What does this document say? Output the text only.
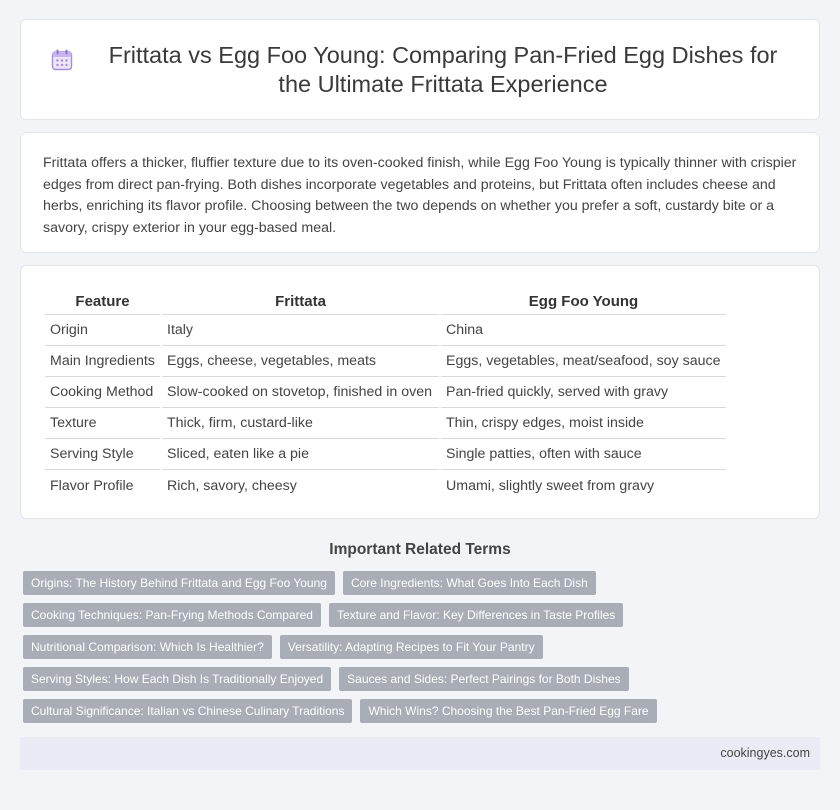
Frittata vs Egg Foo Young: Comparing Pan-Fried Egg Dishes for the Ultimate Frittata Experience

Frittata offers a thicker, fluffier texture due to its oven-cooked finish, while Egg Foo Young is typically thinner with crispier edges from direct pan-frying. Both dishes incorporate vegetables and proteins, but Frittata often includes cheese and herbs, enriching its flavor profile. Choosing between the two depends on whether you prefer a soft, custardy bite or a savory, crispy exterior in your egg-based meal.

Feature	Frittata	Egg Foo Young
Origin	Italy	China
Main Ingredients	Eggs, cheese, vegetables, meats	Eggs, vegetables, meat/seafood, soy sauce
Cooking Method	Slow-cooked on stovetop, finished in oven	Pan-fried quickly, served with gravy
Texture	Thick, firm, custard-like	Thin, crispy edges, moist inside
Serving Style	Sliced, eaten like a pie	Single patties, often with sauce
Flavor Profile	Rich, savory, cheesy	Umami, slightly sweet from gravy
Important Related Terms
Origins: The History Behind Frittata and Egg Foo Young	Core Ingredients: What Goes Into Each Dish
Cooking Techniques: Pan-Frying Methods Compared	Texture and Flavor: Key Differences in Taste Profiles
Nutritional Comparison: Which Is Healthier?	Versatility: Adapting Recipes to Fit Your Pantry
Serving Styles: How Each Dish Is Traditionally Enjoyed	Sauces and Sides: Perfect Pairings for Both Dishes
Cultural Significance: Italian vs Chinese Culinary Traditions	Which Wins? Choosing the Best Pan-Fried Egg Fare
cookingyes.com
